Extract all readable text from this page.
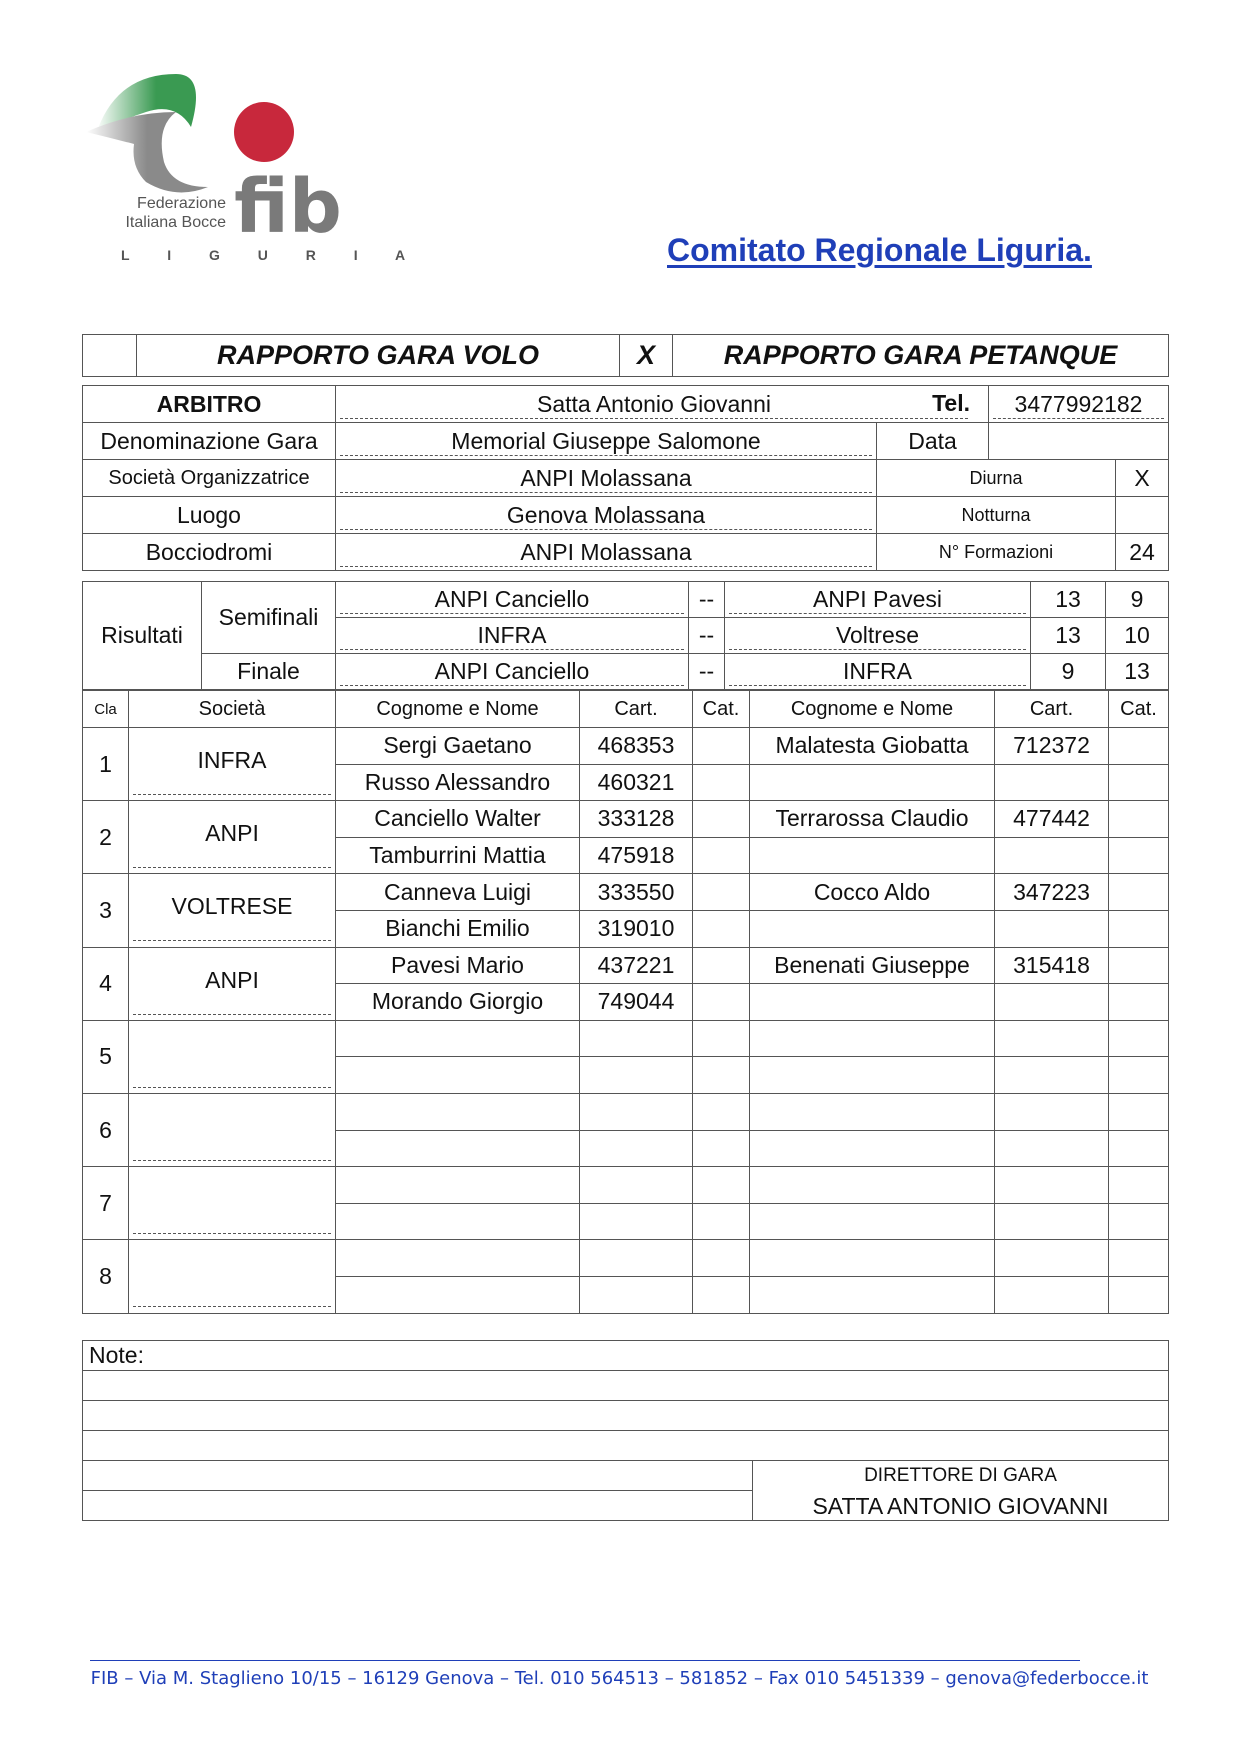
fib
Federazione
Italiana Bocce
L I G U R I A	Comitato Regionale Liguria.
	RAPPORTO GARA VOLO	X	RAPPORTO GARA PETANQUE
ARBITRO	Satta Antonio Giovanni Tel.		3477992182	

Denominazione Gara	Memorial Giuseppe Salomone	Data		
Società Organizzatrice	ANPI Molassana	Diurna		X
Luogo	Genova Molassana	Notturna		
Bocciodromi	ANPI Molassana	N° Formazioni		24
Risultati	Semifinali	ANPI Canciello	--	ANPI Pavesi	13	9

		INFRA	--	Voltrese	13	10
	Finale	ANPI Canciello	--	INFRA	9	13
Cla	Società	Cognome e Nome	Cart.	Cat.	Cognome e Nome	Cart.	Cat.
1	INFRA	Sergi Gaetano	468353		Malatesta Giobatta	712372	
		Russo Alessandro	460321				
2	ANPI	Canciello Walter	333128		Terrarossa Claudio	477442	
		Tamburrini Mattia	475918				
3	VOLTRESE	Canneva Luigi	333550		Cocco Aldo	347223	
		Bianchi Emilio	319010				
4	ANPI	Pavesi Mario	437221		Benenati Giuseppe	315418	
		Morando Giorgio	749044				
5	

6	

7	

8	

Note:

DIRETTORE DI GARA
SATTA ANTONIO GIOVANNI

FIB – Via M. Staglieno 10/15 – 16129 Genova – Tel. 010 564513 – 581852 – Fax 010 5451339 – genova@federbocce.it
